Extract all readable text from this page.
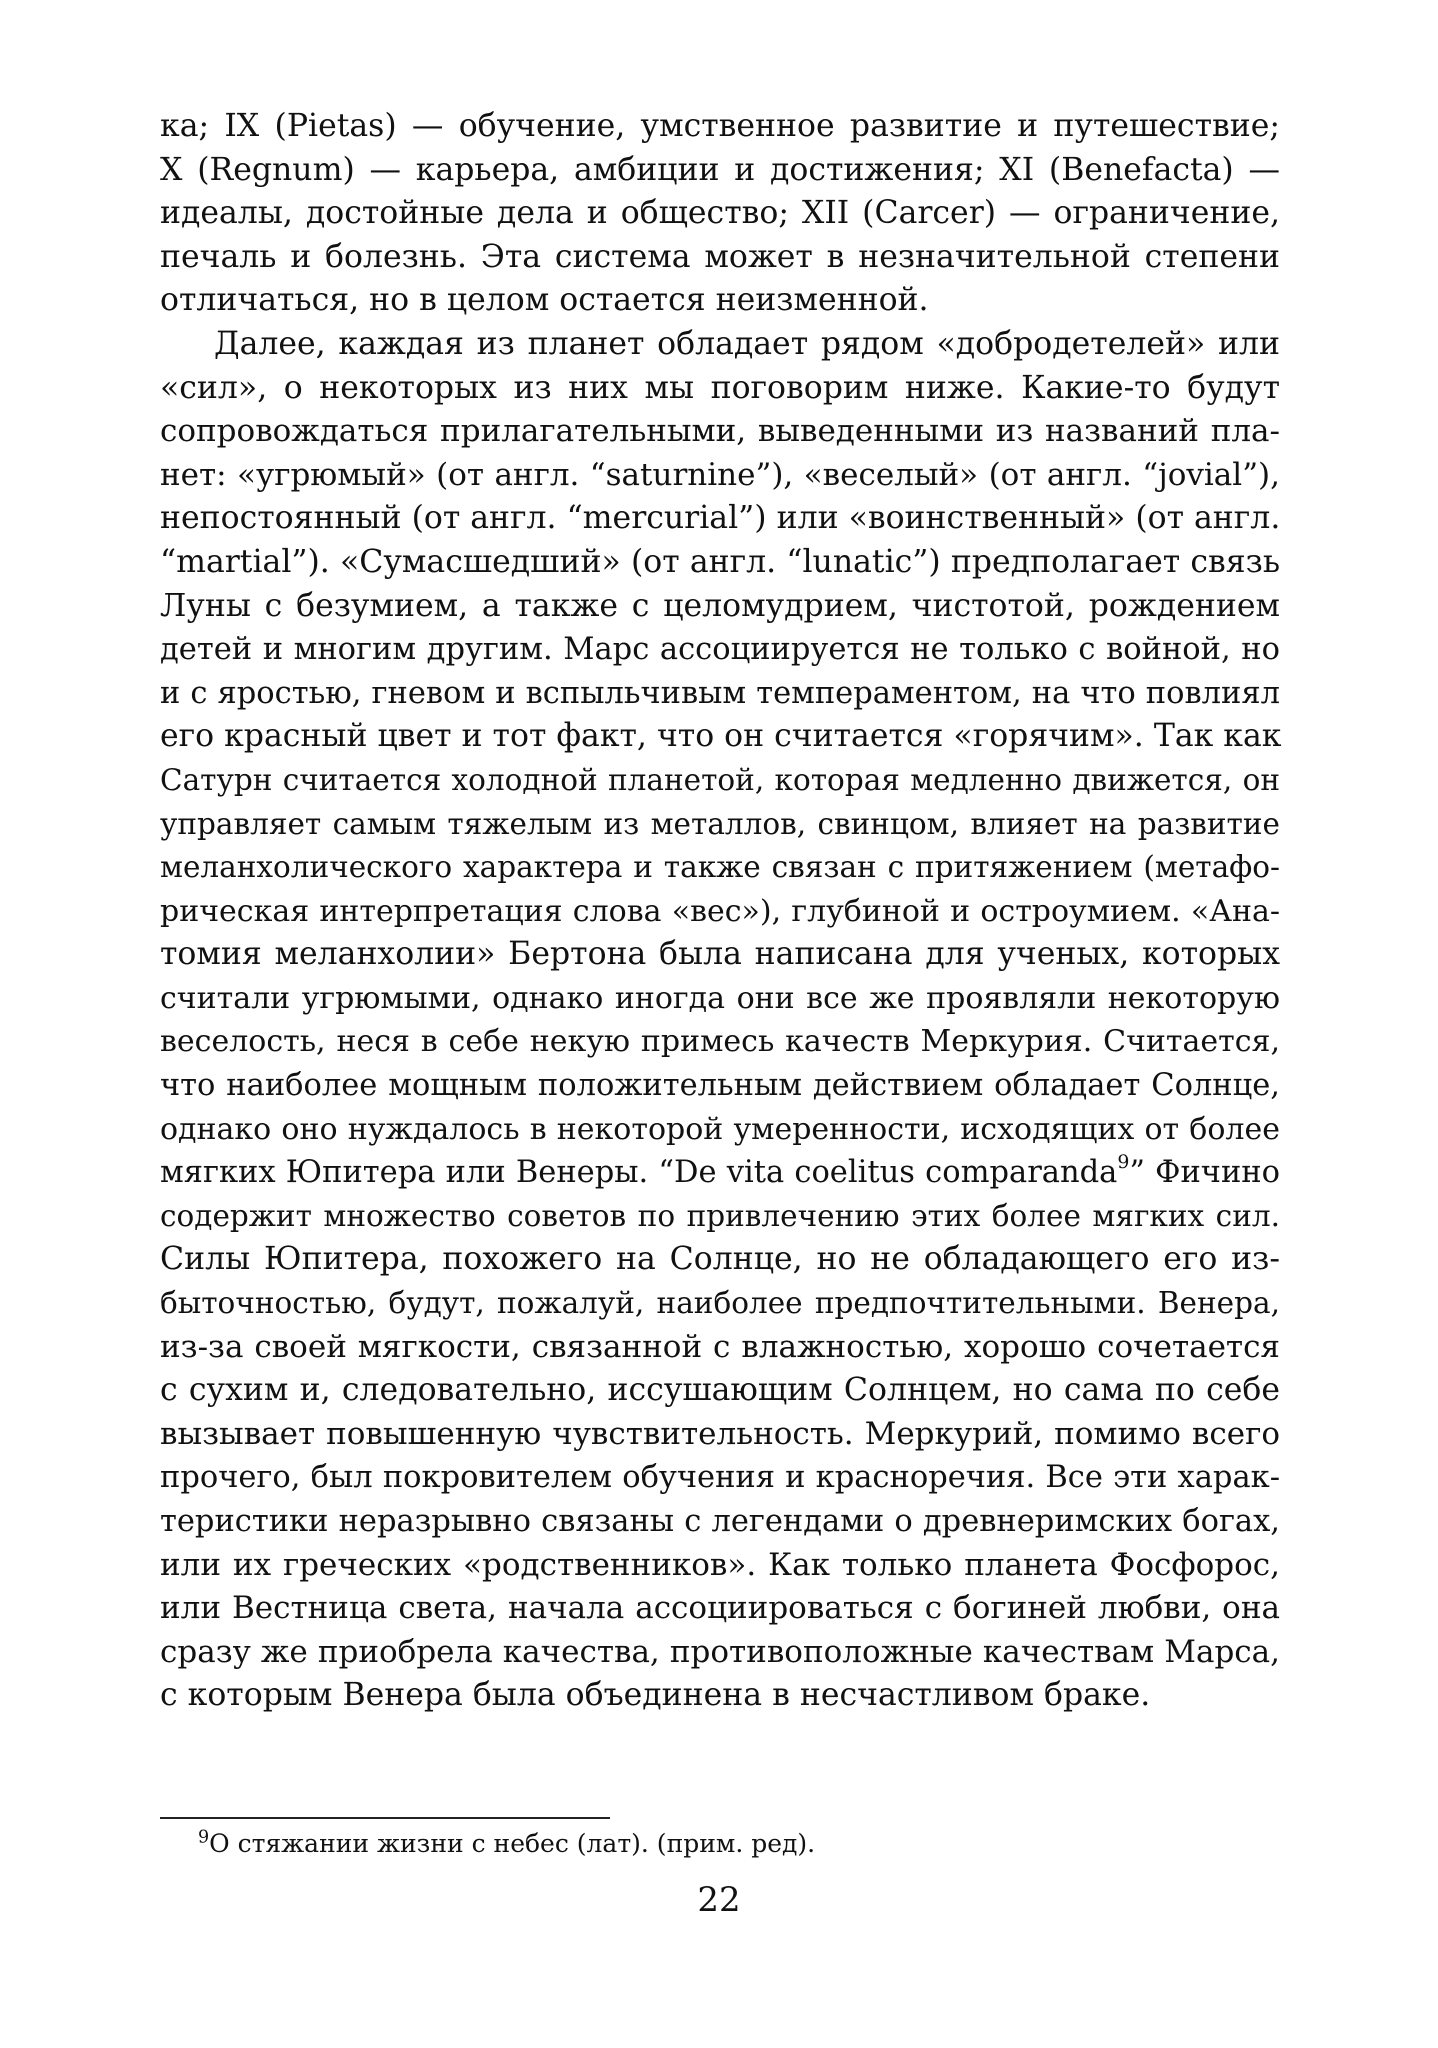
ка; IX (Pietas) — обучение, умственное развитие и путешествие;
X (Regnum) — карьера, амбиции и достижения; XI (Benefacta) —
идеалы, достойные дела и общество; XII (Carcer) — ограничение,
печаль и болезнь. Эта система может в незначительной степени
отличаться, но в целом остается неизменной.

Далее, каждая из планет обладает рядом «добродетелей» или
«сил», о некоторых из них мы поговорим ниже. Какие-то будут
сопровождаться прилагательными, выведенными из названий пла-
нет: «угрюмый» (от англ. “saturnine”), «веселый» (от англ. “jovial”),
непостоянный (от англ. “mercurial”) или «воинственный» (от англ.
“martial”). «Сумасшедший» (от англ. “lunatic”) предполагает связь
Луны с безумием, а также с целомудрием, чистотой, рождением
детей и многим другим. Марс ассоциируется не только с войной, но
и с яростью, гневом и вспыльчивым темпераментом, на что повлиял
его красный цвет и тот факт, что он считается «горячим». Так как
Сатурн считается холодной планетой, которая медленно движется, он
управляет самым тяжелым из металлов, свинцом, влияет на развитие
меланхолического характера и также связан с притяжением (метафо-
рическая интерпретация слова «вес»), глубиной и остроумием. «Ана-
томия меланхолии» Бертона была написана для ученых, которых
считали угрюмыми, однако иногда они все же проявляли некоторую
веселость, неся в себе некую примесь качеств Меркурия. Считается,
что наиболее мощным положительным действием обладает Солнце,
однако оно нуждалось в некоторой умеренности, исходящих от более
мягких Юпитера или Венеры. “De vita coelitus comparanda$^9$” Фичино
содержит множество советов по привлечению этих более мягких сил.
Силы Юпитера, похожего на Солнце, но не обладающего его из-
быточностью, будут, пожалуй, наиболее предпочтительными. Венера,
из-за своей мягкости, связанной с влажностью, хорошо сочетается
с сухим и, следовательно, иссушающим Солнцем, но сама по себе
вызывает повышенную чувствительность. Меркурий, помимо всего
прочего, был покровителем обучения и красноречия. Все эти харак-
теристики неразрывно связаны с легендами о древнеримских богах,
или их греческих «родственников». Как только планета Фосфорос,
или Вестница света, начала ассоциироваться с богиней любви, она
сразу же приобрела качества, противоположные качествам Марса,
с которым Венера была объединена в несчастливом браке.

$^9$О стяжании жизни с небес (лат). (прим. ред).
22
